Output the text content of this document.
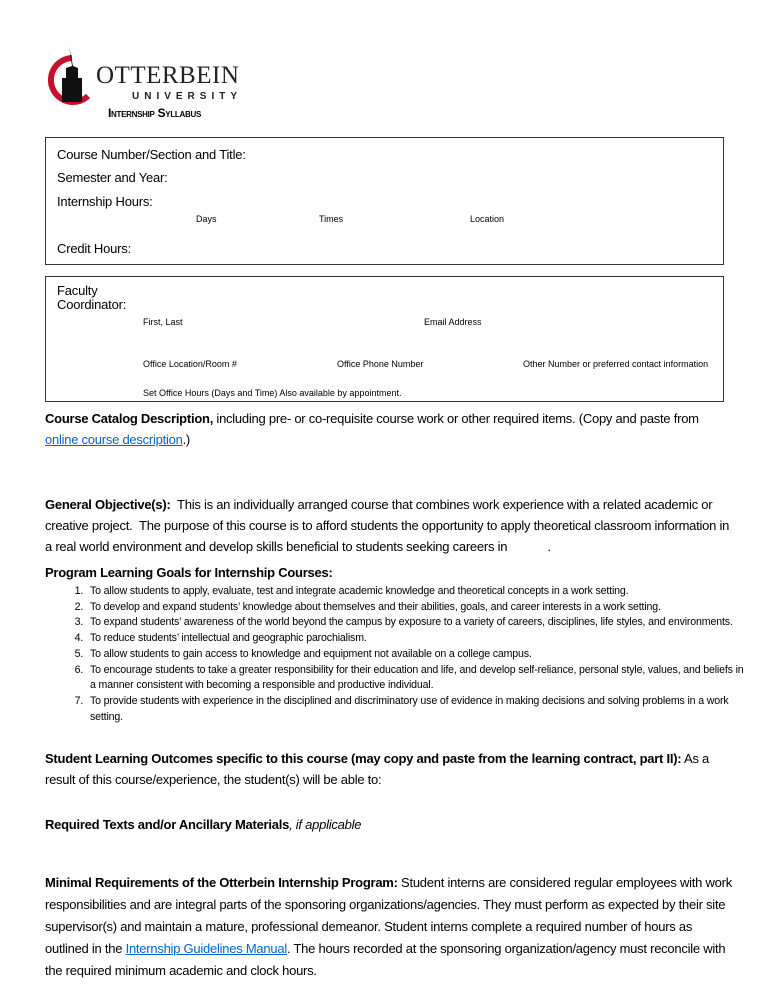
OTTERBEIN
UNIVERSITY
Internship Syllabus
Course Number/Section and Title:
Semester and Year:
Internship Hours:
Days	Times	Location
Credit Hours:
Faculty
Coordinator:
First, Last	Email Address
Office Location/Room #	Office Phone Number	Other Number or preferred contact information
Set Office Hours (Days and Time) Also available by appointment.
Course Catalog Description, including pre- or co-requisite course work or other required items. (Copy and paste from online course description.)
General Objective(s):  This is an individually arranged course that combines work experience with a related academic or creative project.  The purpose of this course is to afford students the opportunity to apply theoretical classroom information in a real world environment and develop skills beneficial to students seeking careers in            .
Program Learning Goals for Internship Courses:
1. To allow students to apply, evaluate, test and integrate academic knowledge and theoretical concepts in a work setting.
2. To develop and expand students’ knowledge about themselves and their abilities, goals, and career interests in a work setting.
3. To expand students’ awareness of the world beyond the campus by exposure to a variety of careers, disciplines, life styles, and environments.
4. To reduce students’ intellectual and geographic parochialism.
5. To allow students to gain access to knowledge and equipment not available on a college campus.
6. To encourage students to take a greater responsibility for their education and life, and develop self-reliance, personal style, values, and beliefs in a manner consistent with becoming a responsible and productive individual.
7. To provide students with experience in the disciplined and discriminatory use of evidence in making decisions and solving problems in a work setting.
Student Learning Outcomes specific to this course (may copy and paste from the learning contract, part II): As a result of this course/experience, the student(s) will be able to:
Required Texts and/or Ancillary Materials, if applicable
Minimal Requirements of the Otterbein Internship Program: Student interns are considered regular employees with work responsibilities and are integral parts of the sponsoring organizations/agencies. They must perform as expected by their site supervisor(s) and maintain a mature, professional demeanor. Student interns complete a required number of hours as outlined in the Internship Guidelines Manual. The hours recorded at the sponsoring organization/agency must reconcile with the required minimum academic and clock hours.
